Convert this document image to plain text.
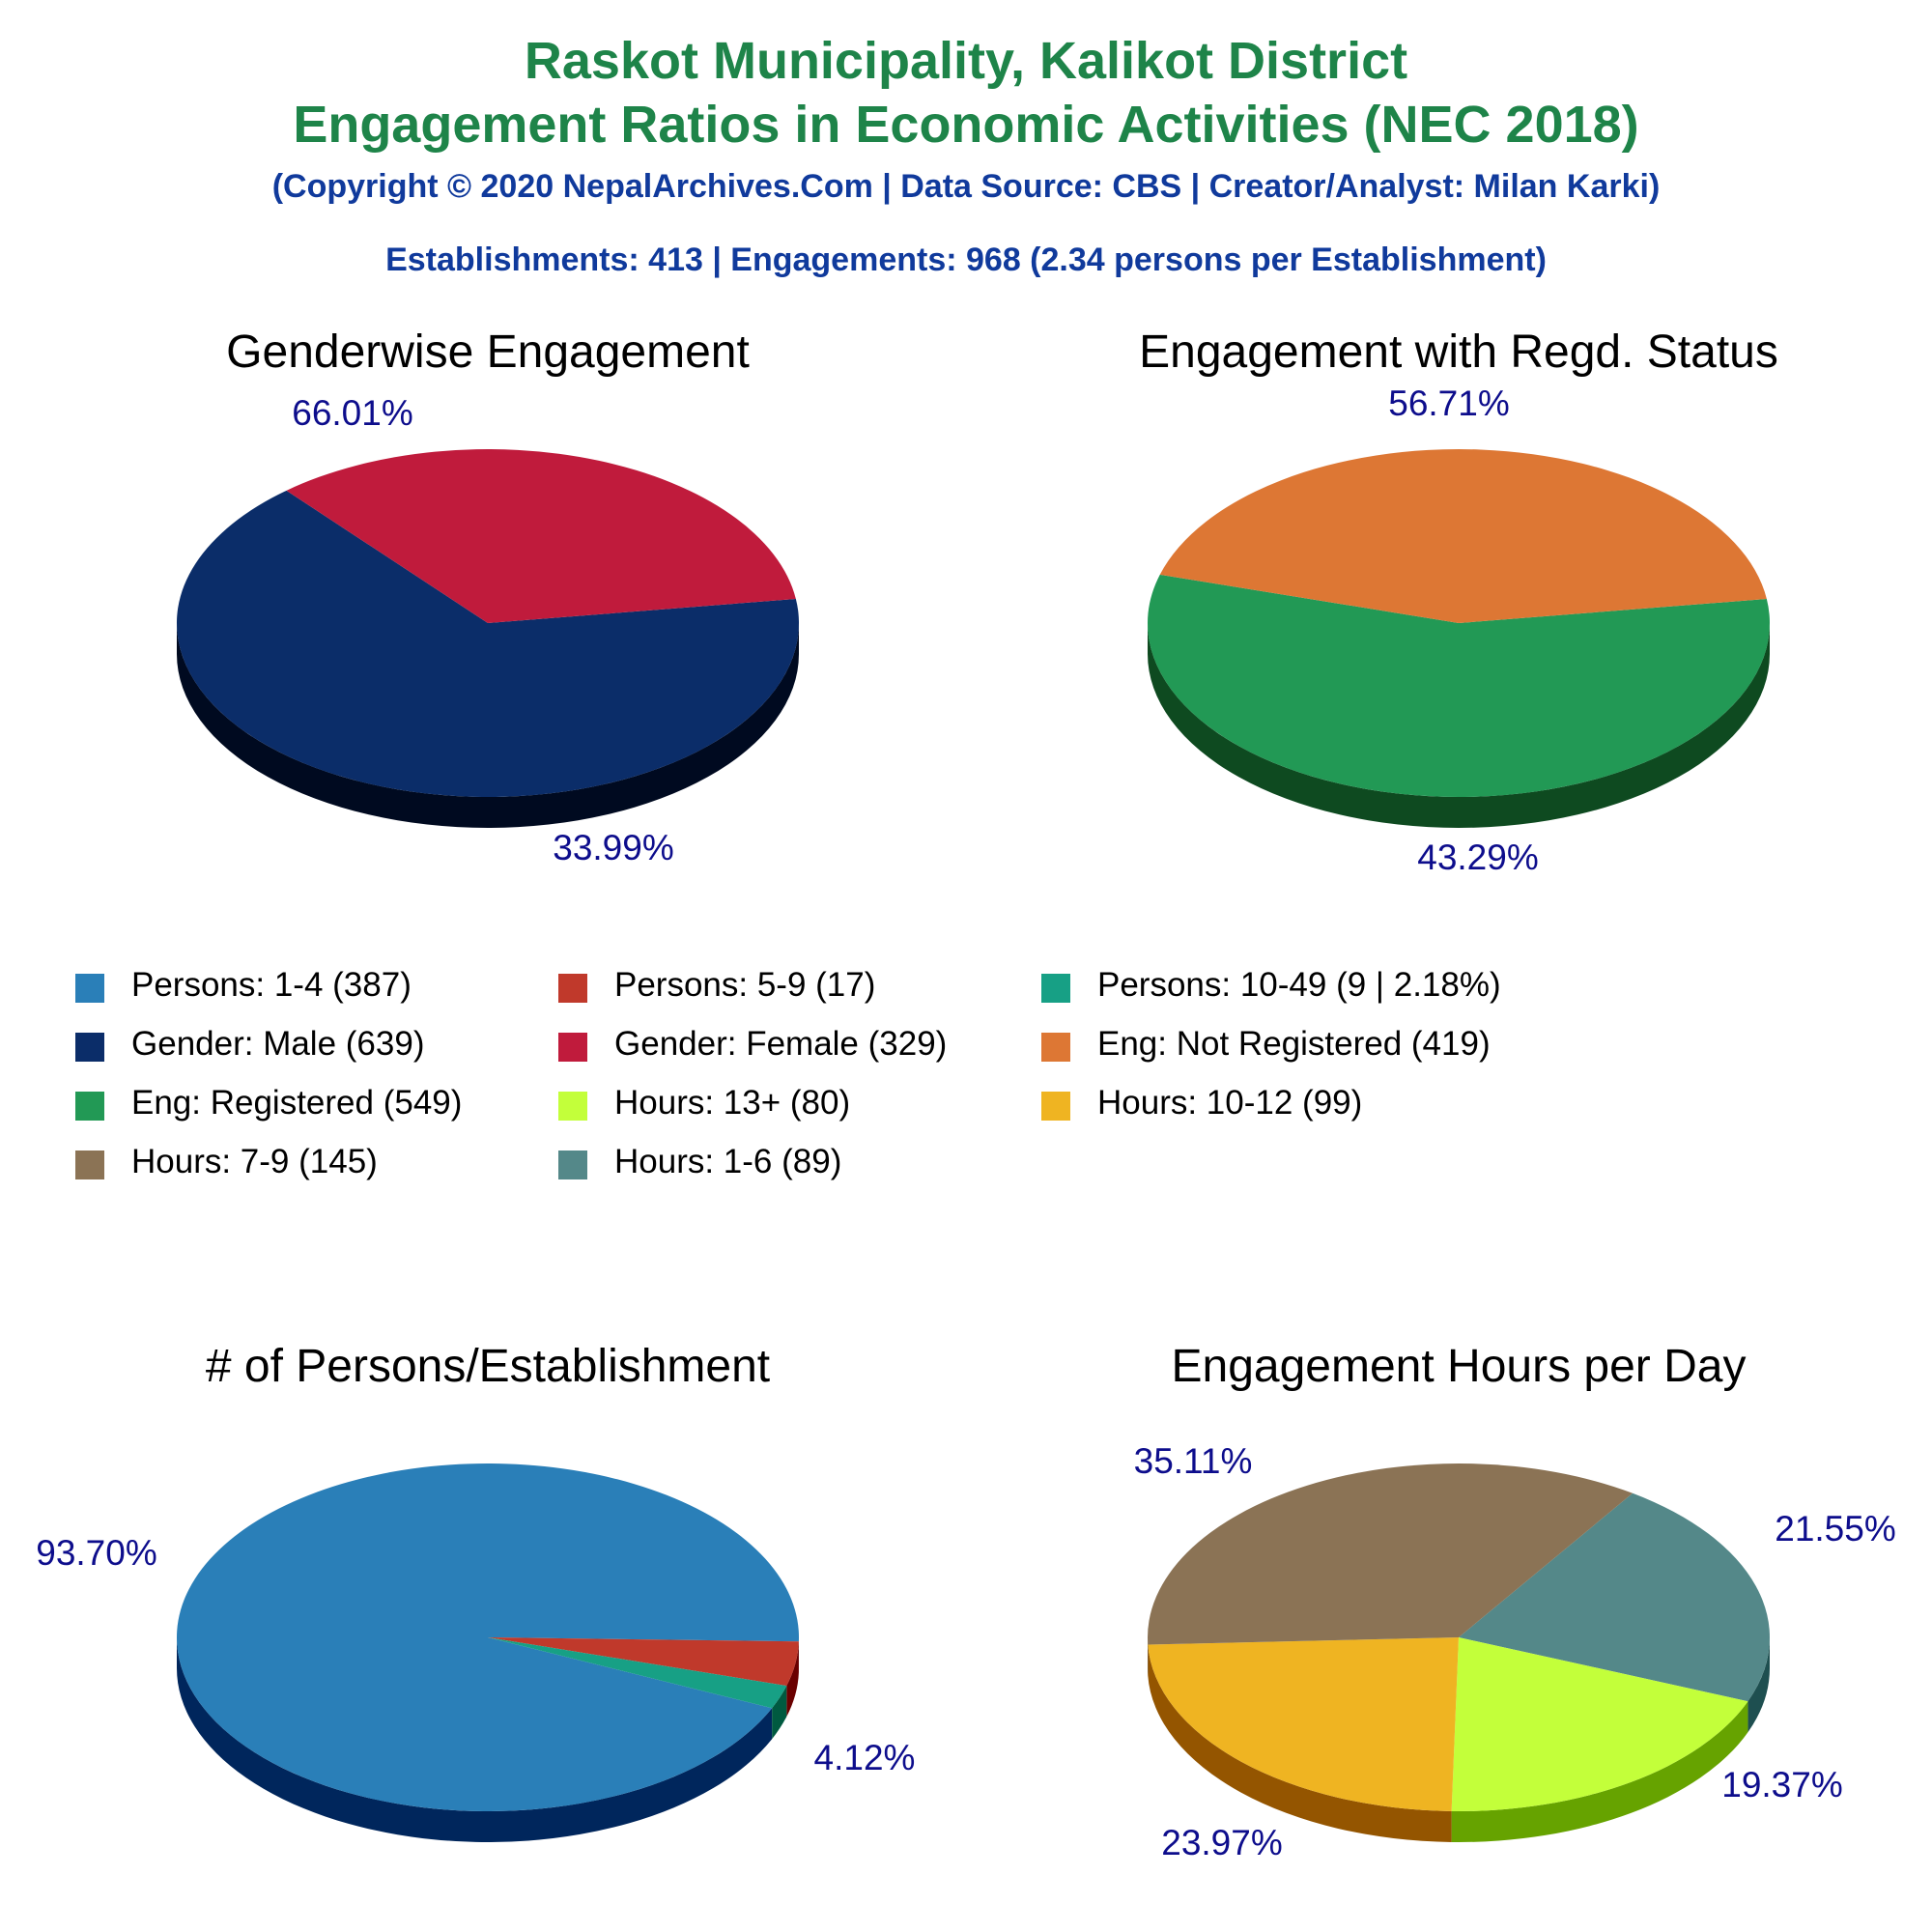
Raskot Municipality, Kalikot District
Engagement Ratios in Economic Activities (NEC 2018)
(Copyright © 2020 NepalArchives.Com | Data Source: CBS | Creator/Analyst: Milan Karki)
Establishments: 413 | Engagements: 968 (2.34 persons per Establishment)
Genderwise Engagement
66.01%
33.99%
Engagement with Regd. Status
56.71%
43.29%
# of Persons/Establishment
93.70%
4.12%
Engagement Hours per Day
21.55%
19.37%
23.97%
35.11%
Persons: 1-4 (387)	Persons: 5-9 (17)	Persons: 10-49 (9 | 2.18%)
Gender: Male (639)	Gender: Female (329)	Eng: Not Registered (419)
Eng: Registered (549)	Hours: 13+ (80)	Hours: 10-12 (99)
Hours: 7-9 (145)	Hours: 1-6 (89)
